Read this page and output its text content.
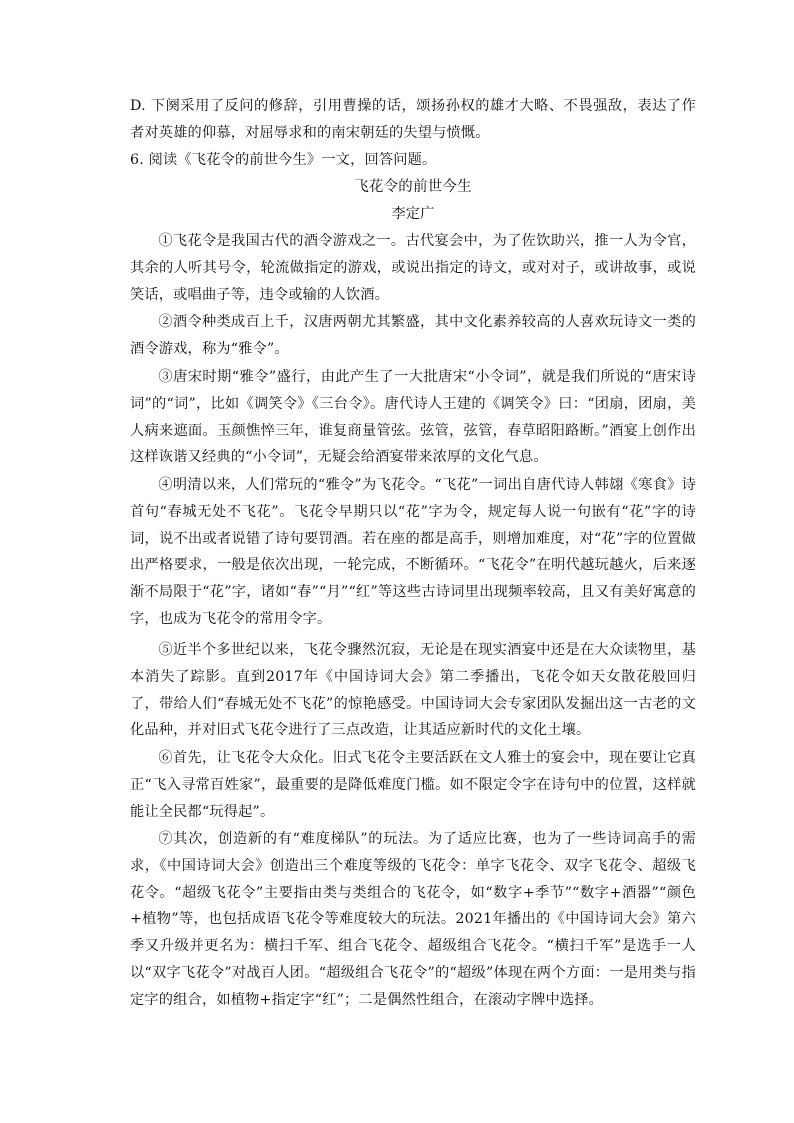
D. 下阕采用了反问的修辞，引用曹操的话，颂扬孙权的雄才大略、不畏强敌，表达了作者对英雄的仰慕，对屈辱求和的南宋朝廷的失望与愤慨。

6. 阅读《飞花令的前世今生》一文，回答问题。

飞花令的前世今生

李定广

①飞花令是我国古代的酒令游戏之一。古代宴会中，为了佐饮助兴，推一人为令官，其余的人听其号令，轮流做指定的游戏，或说出指定的诗文，或对对子，或讲故事，或说笑话，或唱曲子等，违令或输的人饮酒。

②酒令种类成百上千，汉唐两朝尤其繁盛，其中文化素养较高的人喜欢玩诗文一类的酒令游戏，称为“雅令”。

③唐宋时期“雅令”盛行，由此产生了一大批唐宋“小令词”，就是我们所说的“唐宋诗词”的“词”，比如《调笑令》《三台令》。唐代诗人王建的《调笑令》曰：“团扇，团扇，美人病来遮面。玉颜憔悴三年，谁复商量管弦。弦管，弦管，春草昭阳路断。”酒宴上创作出这样诙谐又经典的“小令词”，无疑会给酒宴带来浓厚的文化气息。

④明清以来，人们常玩的“雅令”为飞花令。“飞花”一词出自唐代诗人韩翃《寒食》诗首句“春城无处不飞花”。飞花令早期只以“花”字为令，规定每人说一句嵌有“花”字的诗词，说不出或者说错了诗句要罚酒。若在座的都是高手，则增加难度，对“花”字的位置做出严格要求，一般是依次出现，一轮完成，不断循环。“飞花令”在明代越玩越火，后来逐渐不局限于“花”字，诸如“春”“月”“红”等这些古诗词里出现频率较高，且又有美好寓意的字，也成为飞花令的常用令字。

⑤近半个多世纪以来，飞花令骤然沉寂，无论是在现实酒宴中还是在大众读物里，基本消失了踪影。直到2017年《中国诗词大会》第二季播出，飞花令如天女散花般回归了，带给人们“春城无处不飞花”的惊艳感受。中国诗词大会专家团队发掘出这一古老的文化品种，并对旧式飞花令进行了三点改造，让其适应新时代的文化土壤。

⑥首先，让飞花令大众化。旧式飞花令主要活跃在文人雅士的宴会中，现在要让它真正“飞入寻常百姓家”，最重要的是降低难度门槛。如不限定令字在诗句中的位置，这样就能让全民都“玩得起”。

⑦其次，创造新的有“难度梯队”的玩法。为了适应比赛，也为了一些诗词高手的需求，《中国诗词大会》创造出三个难度等级的飞花令：单字飞花令、双字飞花令、超级飞花令。“超级飞花令”主要指由类与类组合的飞花令，如“数字+季节”“数字+酒器”“颜色+植物”等，也包括成语飞花令等难度较大的玩法。2021年播出的《中国诗词大会》第六季又升级并更名为：横扫千军、组合飞花令、超级组合飞花令。“横扫千军”是选手一人以“双字飞花令”对战百人团。“超级组合飞花令”的“超级”体现在两个方面：一是用类与指定字的组合，如植物+指定字“红”；二是偶然性组合，在滚动字牌中选择。
